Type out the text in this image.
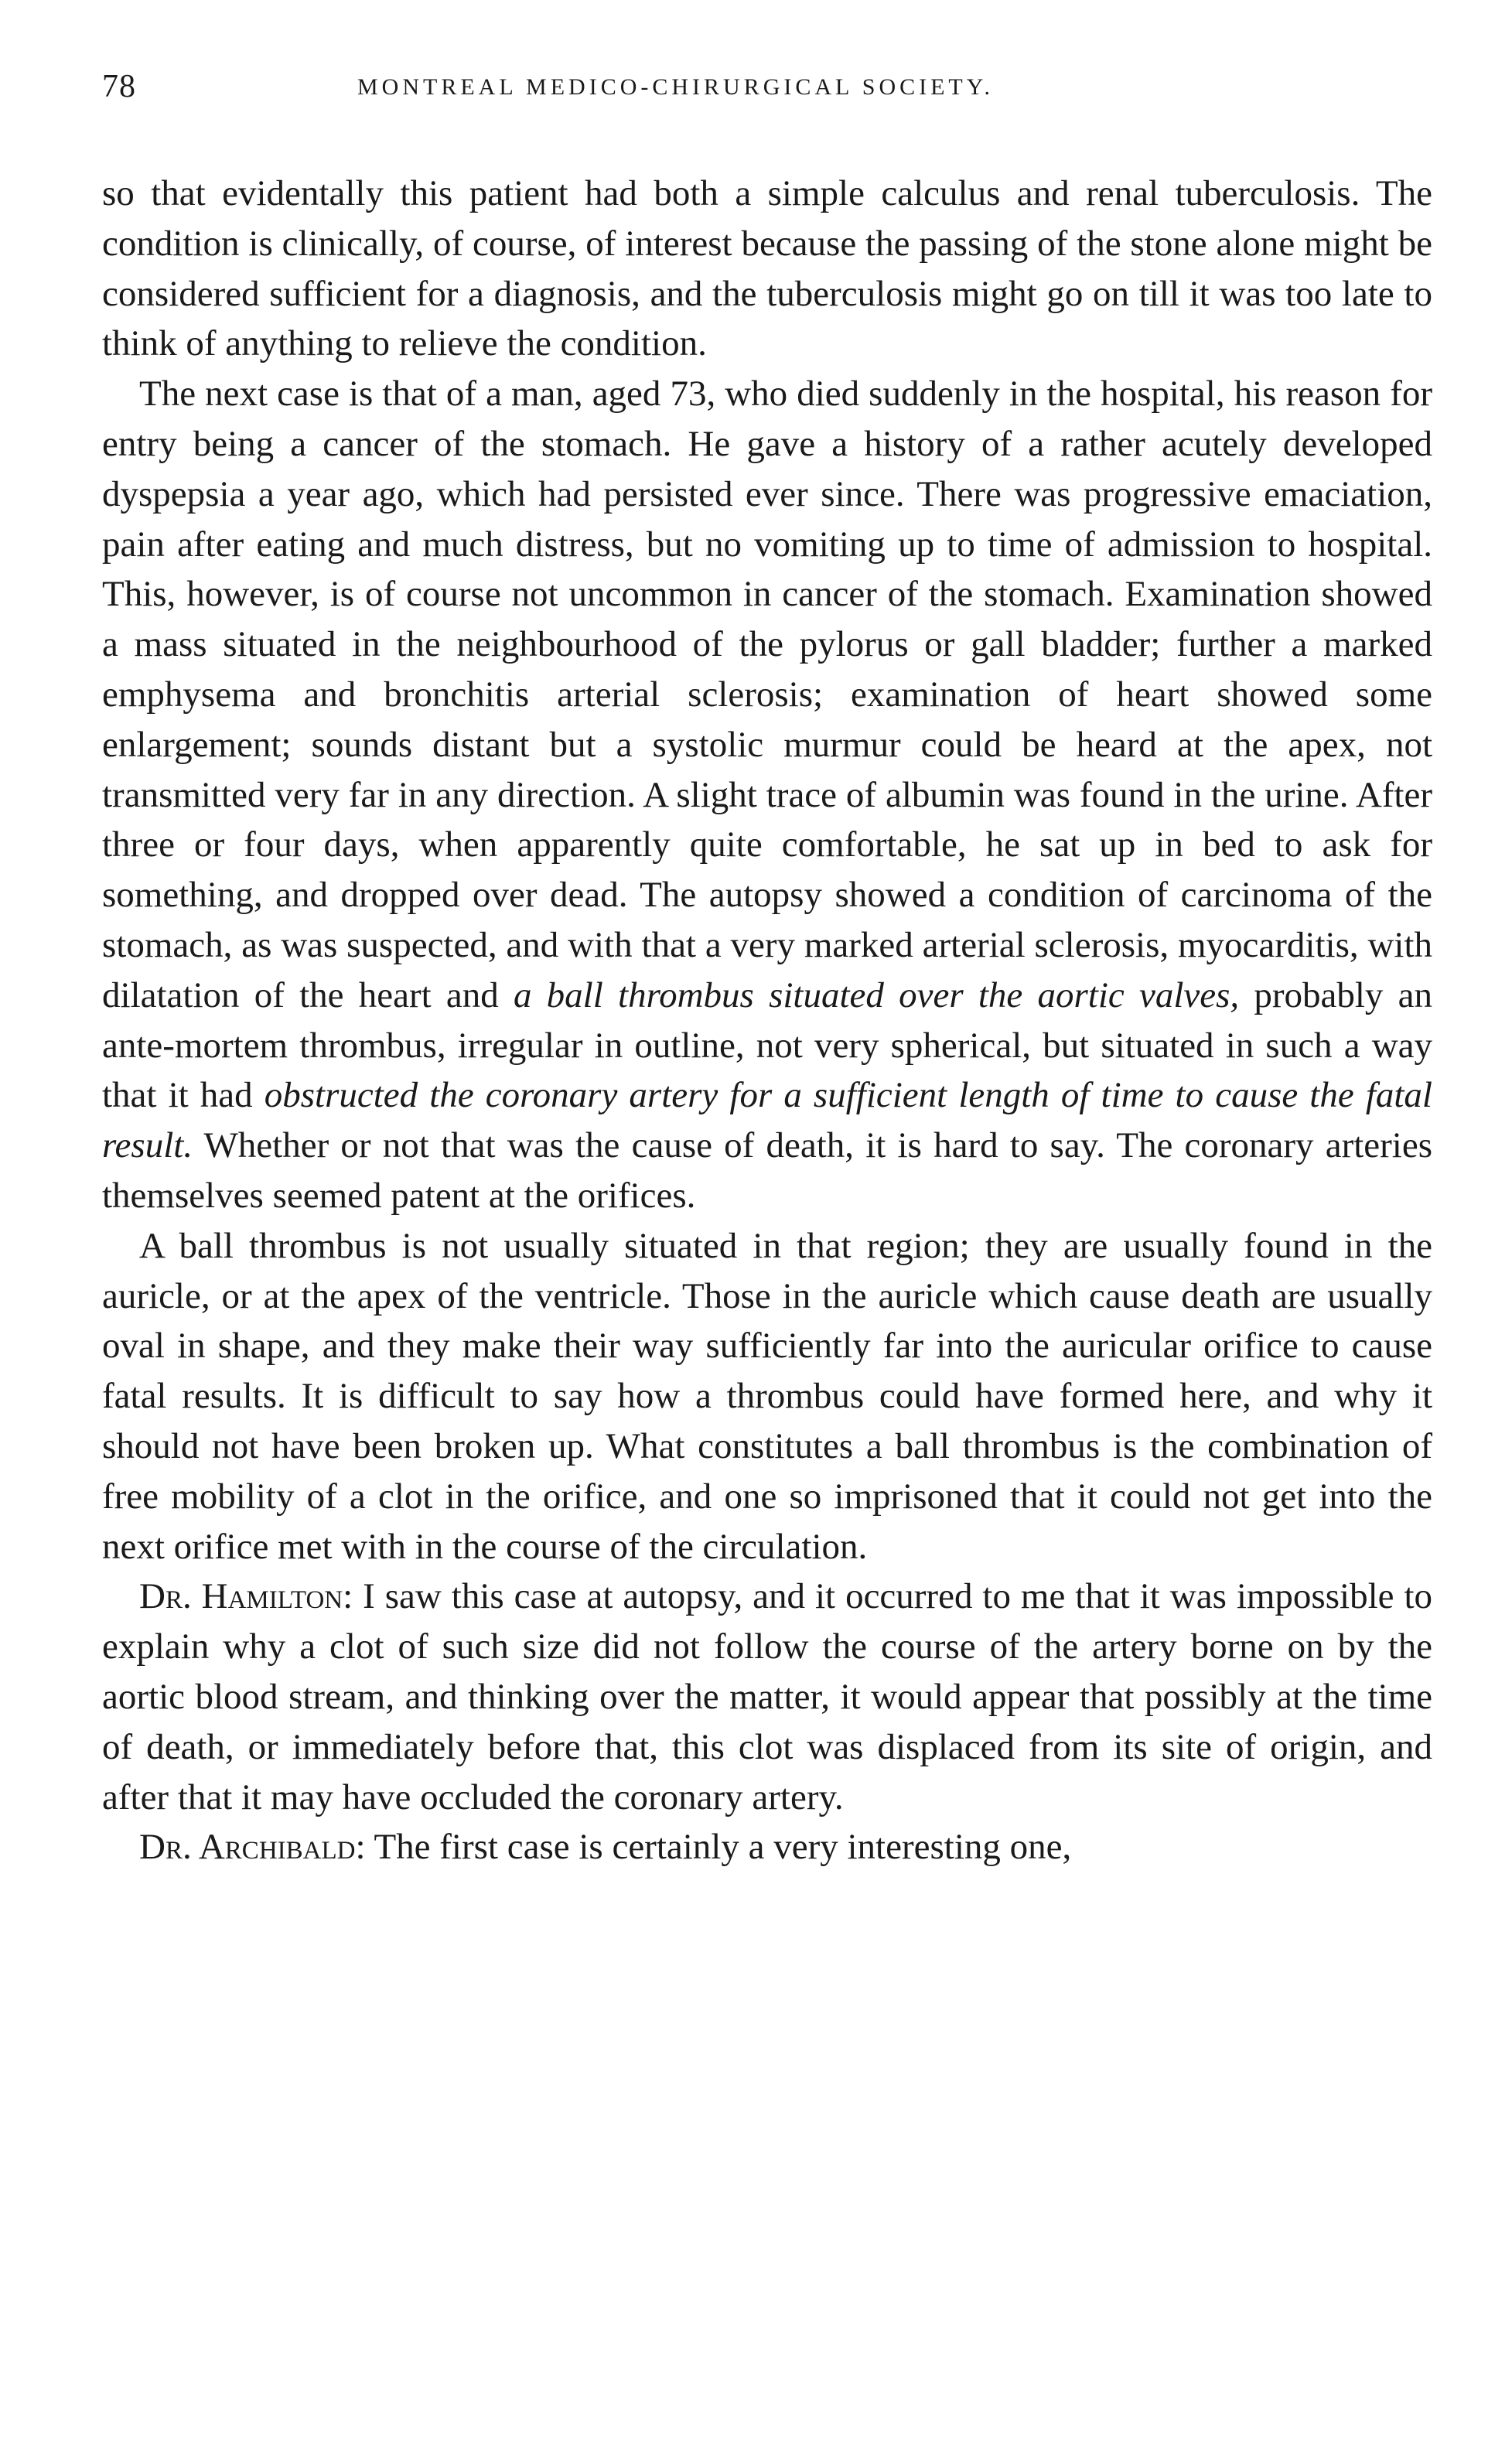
78	MONTREAL MEDICO-CHIRURGICAL SOCIETY.

so that evidentally this patient had both a simple calculus and renal tuberculosis. The condition is clinically, of course, of interest because the passing of the stone alone might be considered sufficient for a diagnosis, and the tuberculosis might go on till it was too late to think of anything to relieve the condition.

The next case is that of a man, aged 73, who died suddenly in the hospital, his reason for entry being a cancer of the stomach. He gave a history of a rather acutely developed dyspepsia a year ago, which had persisted ever since. There was progressive emaciation, pain after eating and much distress, but no vomiting up to time of admission to hospital. This, however, is of course not uncommon in cancer of the stomach. Examination showed a mass situated in the neighbourhood of the pylorus or gall bladder; further a marked emphysema and bronchitis arterial sclerosis; examination of heart showed some enlargement; sounds distant but a systolic murmur could be heard at the apex, not transmitted very far in any direction. A slight trace of albumin was found in the urine. After three or four days, when apparently quite comfortable, he sat up in bed to ask for something, and dropped over dead. The autopsy showed a condition of carcinoma of the stomach, as was suspected, and with that a very marked arterial sclerosis, myocarditis, with dilatation of the heart and a ball thrombus situated over the aortic valves, probably an ante-mortem thrombus, irregular in outline, not very spherical, but situated in such a way that it had obstructed the coronary artery for a sufficient length of time to cause the fatal result. Whether or not that was the cause of death, it is hard to say. The coronary arteries themselves seemed patent at the orifices.

A ball thrombus is not usually situated in that region; they are usually found in the auricle, or at the apex of the ventricle. Those in the auricle which cause death are usually oval in shape, and they make their way sufficiently far into the auricular orifice to cause fatal results. It is difficult to say how a thrombus could have formed here, and why it should not have been broken up. What constitutes a ball thrombus is the combination of free mobility of a clot in the orifice, and one so imprisoned that it could not get into the next orifice met with in the course of the circulation.

Dr. Hamilton: I saw this case at autopsy, and it occurred to me that it was impossible to explain why a clot of such size did not follow the course of the artery borne on by the aortic blood stream, and thinking over the matter, it would appear that possibly at the time of death, or immediately before that, this clot was displaced from its site of origin, and after that it may have occluded the coronary artery.

Dr. Archibald: The first case is certainly a very interesting one,
